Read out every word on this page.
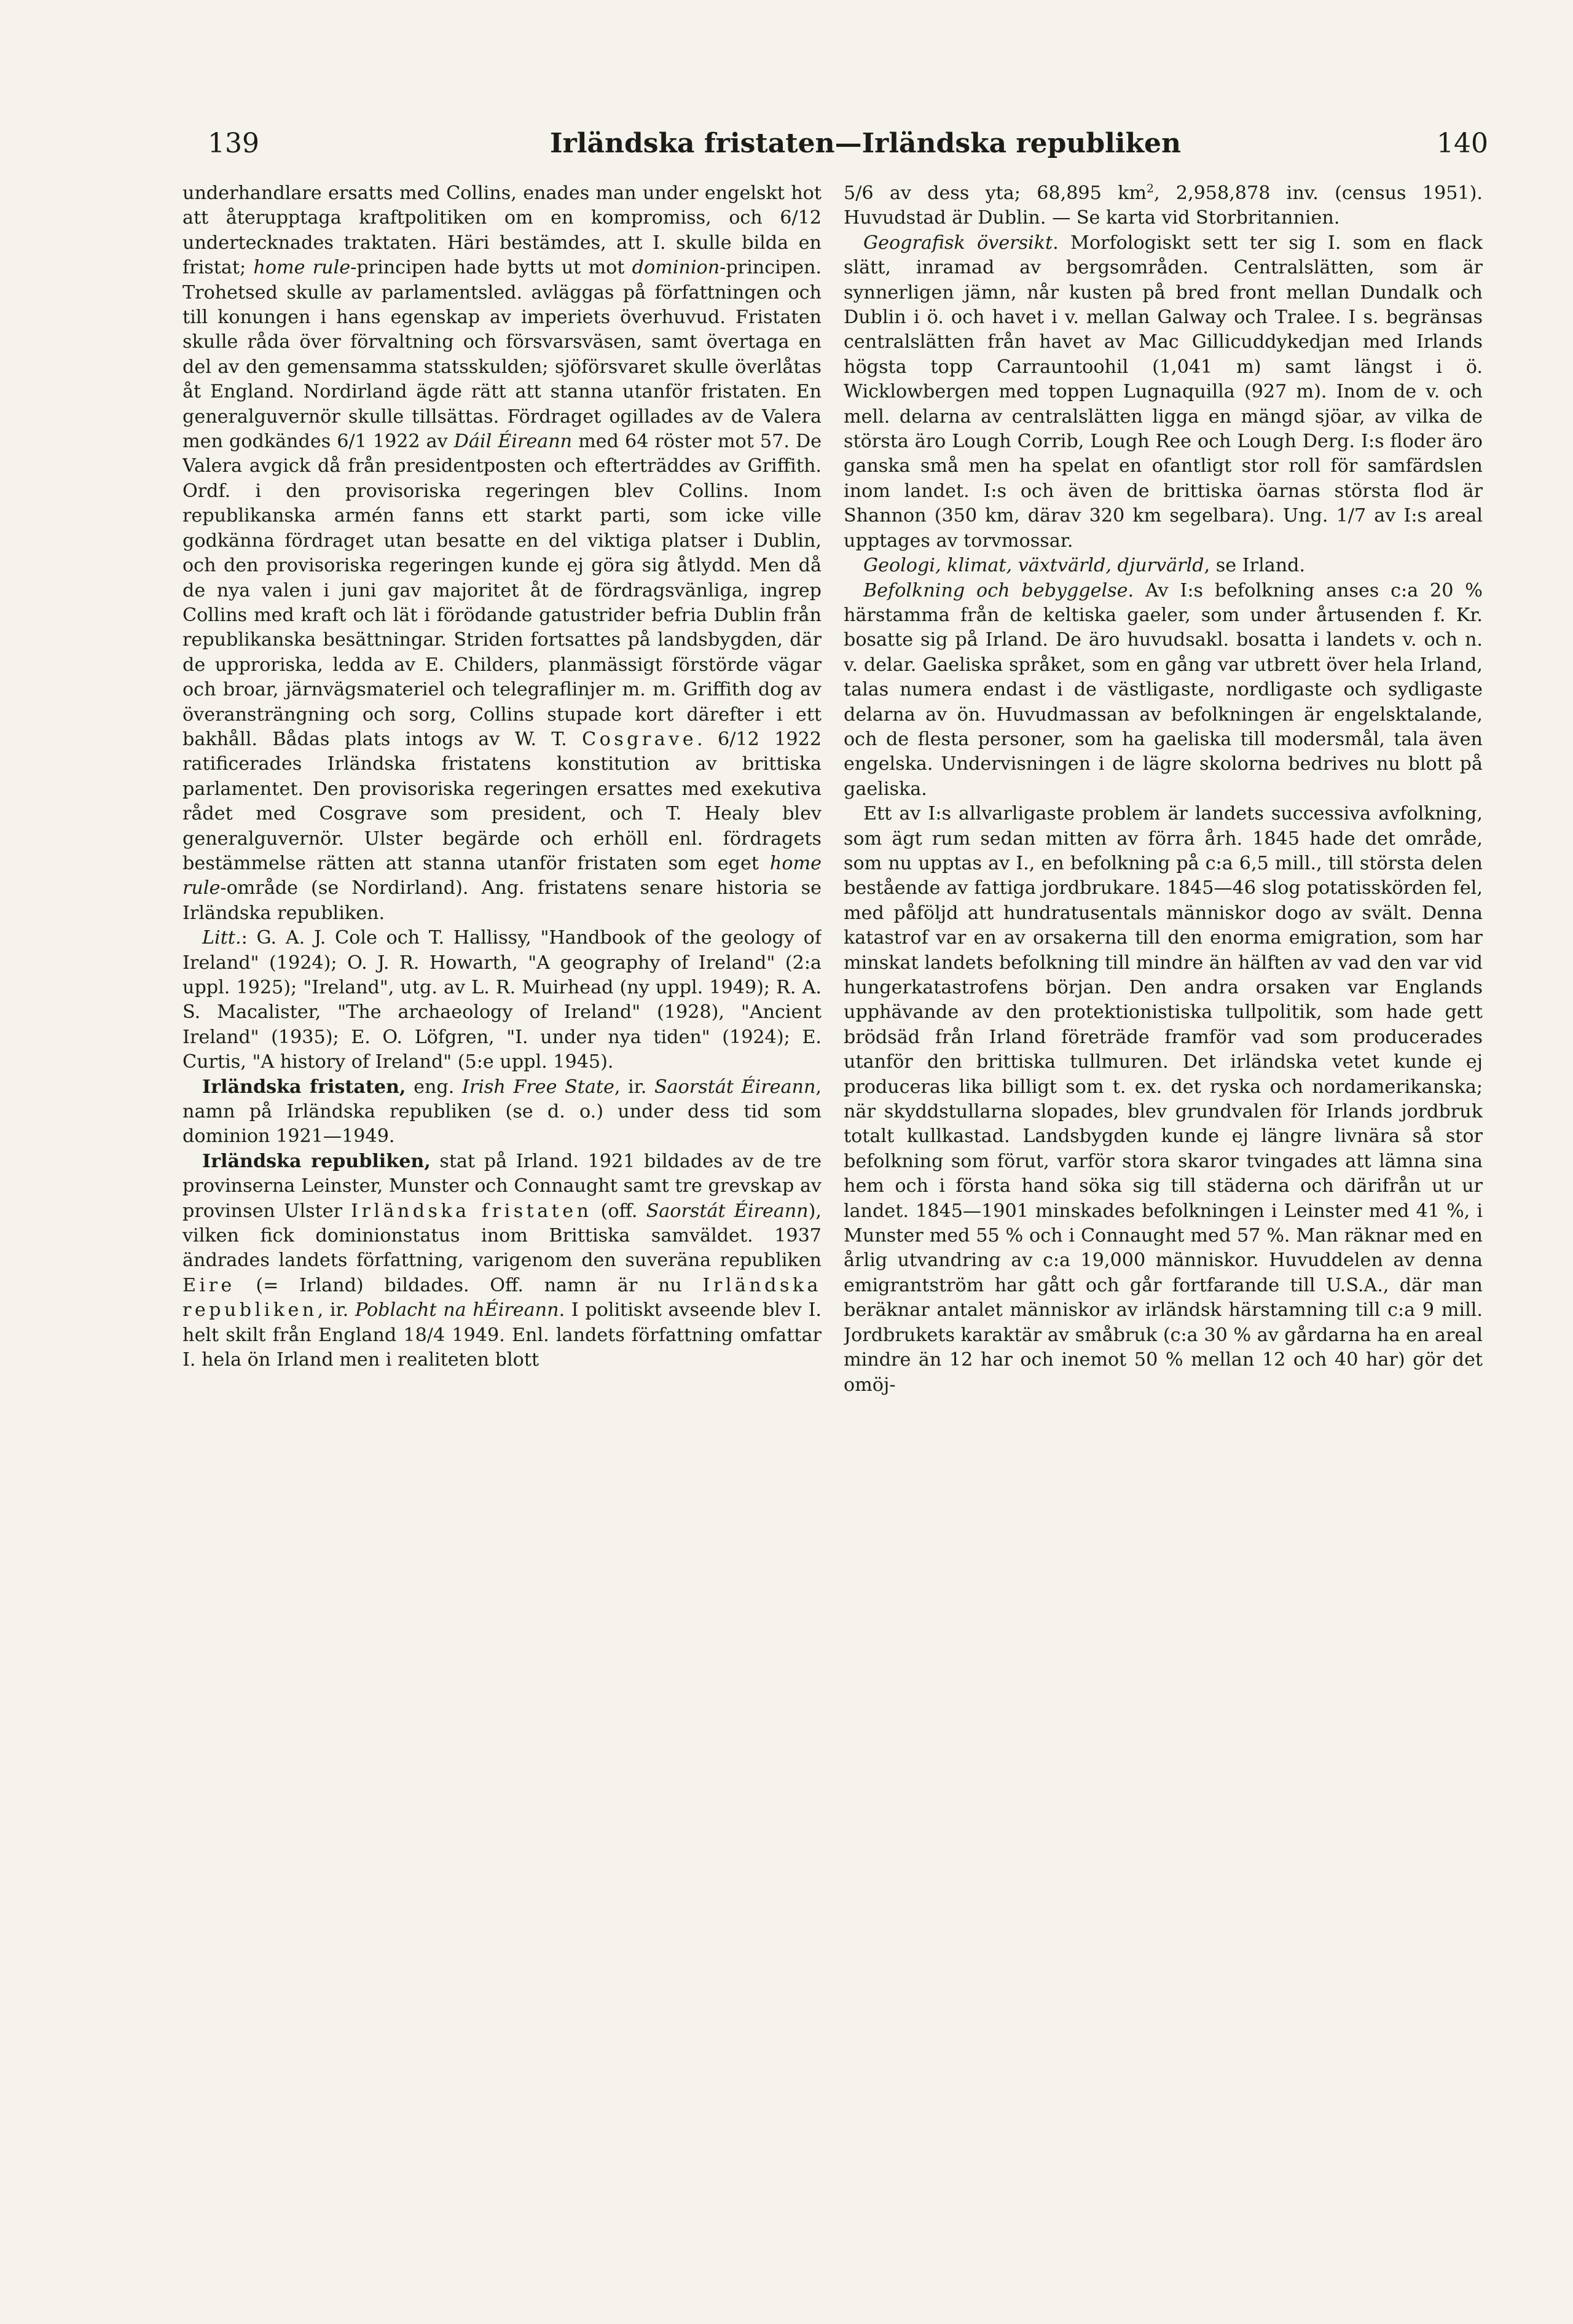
139	Irländska fristaten—Irländska republiken	140

underhandlare ersatts med Collins, enades man under engelskt hot att återupptaga kraftpolitiken om en kompromiss, och 6/12 undertecknades traktaten. Häri bestämdes, att I. skulle bilda en fristat; home rule-principen hade bytts ut mot dominion-principen. Trohetsed skulle av parlamentsled. avläggas på författningen och till konungen i hans egenskap av imperiets överhuvud. Fristaten skulle råda över förvaltning och försvarsväsen, samt övertaga en del av den gemensamma statsskulden; sjöförsvaret skulle överlåtas åt England. Nordirland ägde rätt att stanna utanför fristaten. En generalguvernör skulle tillsättas. Fördraget ogillades av de Valera men godkändes 6/1 1922 av Dáil Éireann med 64 röster mot 57. De Valera avgick då från presidentposten och efterträddes av Griffith. Ordf. i den provisoriska regeringen blev Collins. Inom republikanska armén fanns ett starkt parti, som icke ville godkänna fördraget utan besatte en del viktiga platser i Dublin, och den provisoriska regeringen kunde ej göra sig åtlydd. Men då de nya valen i juni gav majoritet åt de fördragsvänliga, ingrep Collins med kraft och lät i förödande gatustrider befria Dublin från republikanska besättningar. Striden fortsattes på landsbygden, där de upproriska, ledda av E. Childers, planmässigt förstörde vägar och broar, järnvägsmateriel och telegraflinjer m. m. Griffith dog av överansträngning och sorg, Collins stupade kort därefter i ett bakhåll. Bådas plats intogs av W. T. Cosgrave. 6/12 1922 ratificerades Irländska fristatens konstitution av brittiska parlamentet. Den provisoriska regeringen ersattes med exekutiva rådet med Cosgrave som president, och T. Healy blev generalguvernör. Ulster begärde och erhöll enl. fördragets bestämmelse rätten att stanna utanför fristaten som eget home rule-område (se Nordirland). Ang. fristatens senare historia se Irländska republiken.

Litt.: G. A. J. Cole och T. Hallissy, "Handbook of the geology of Ireland" (1924); O. J. R. Howarth, "A geography of Ireland" (2:a uppl. 1925); "Ireland", utg. av L. R. Muirhead (ny uppl. 1949); R. A. S. Macalister, "The archaeology of Ireland" (1928), "Ancient Ireland" (1935); E. O. Löfgren, "I. under nya tiden" (1924); E. Curtis, "A history of Ireland" (5:e uppl. 1945).

Irländska fristaten, eng. Irish Free State, ir. Saorstát Éireann, namn på Irländska republiken (se d. o.) under dess tid som dominion 1921—1949.

Irländska republiken, stat på Irland. 1921 bildades av de tre provinserna Leinster, Munster och Connaught samt tre grevskap av provinsen Ulster Irländska fristaten (off. Saorstát Éireann), vilken fick dominionstatus inom Brittiska samväldet. 1937 ändrades landets författning, varigenom den suveräna republiken Eire (= Irland) bildades. Off. namn är nu Irländska republiken, ir. Poblacht na hÉireann. I politiskt avseende blev I. helt skilt från England 18/4 1949. Enl. landets författning omfattar I. hela ön Irland men i realiteten blott

5/6 av dess yta; 68,895 $km^2$, 2,958,878 inv. (census 1951). Huvudstad är Dublin. — Se karta vid Storbritannien.

Geografisk översikt. Morfologiskt sett ter sig I. som en flack slätt, inramad av bergsområden. Centralslätten, som är synnerligen jämn, når kusten på bred front mellan Dundalk och Dublin i ö. och havet i v. mellan Galway och Tralee. I s. begränsas centralslätten från havet av Mac Gillicuddykedjan med Irlands högsta topp Carrauntoohil (1,041 m) samt längst i ö. Wicklowbergen med toppen Lugnaquilla (927 m). Inom de v. och mell. delarna av centralslätten ligga en mängd sjöar, av vilka de största äro Lough Corrib, Lough Ree och Lough Derg. I:s floder äro ganska små men ha spelat en ofantligt stor roll för samfärdslen inom landet. I:s och även de brittiska öarnas största flod är Shannon (350 km, därav 320 km segelbara). Ung. 1/7 av I:s areal upptages av torvmossar.

Geologi, klimat, växtvärld, djurvärld, se Irland.

Befolkning och bebyggelse. Av I:s befolkning anses c:a 20 % härstamma från de keltiska gaeler, som under årtusenden f. Kr. bosatte sig på Irland. De äro huvudsakl. bosatta i landets v. och n. v. delar. Gaeliska språket, som en gång var utbrett över hela Irland, talas numera endast i de västligaste, nordligaste och sydligaste delarna av ön. Huvudmassan av befolkningen är engelsktalande, och de flesta personer, som ha gaeliska till modersmål, tala även engelska. Undervisningen i de lägre skolorna bedrives nu blott på gaeliska.

Ett av I:s allvarligaste problem är landets successiva avfolkning, som ägt rum sedan mitten av förra årh. 1845 hade det område, som nu upptas av I., en befolkning på c:a 6,5 mill., till största delen bestående av fattiga jordbrukare. 1845—46 slog potatisskörden fel, med påföljd att hundratusentals människor dogo av svält. Denna katastrof var en av orsakerna till den enorma emigration, som har minskat landets befolkning till mindre än hälften av vad den var vid hungerkatastrofens början. Den andra orsaken var Englands upphävande av den protektionistiska tullpolitik, som hade gett brödsäd från Irland företräde framför vad som producerades utanför den brittiska tullmuren. Det irländska vetet kunde ej produceras lika billigt som t. ex. det ryska och nordamerikanska; när skyddstullarna slopades, blev grundvalen för Irlands jordbruk totalt kullkastad. Landsbygden kunde ej längre livnära så stor befolkning som förut, varför stora skaror tvingades att lämna sina hem och i första hand söka sig till städerna och därifrån ut ur landet. 1845—1901 minskades befolkningen i Leinster med 41 %, i Munster med 55 % och i Connaught med 57 %. Man räknar med en årlig utvandring av c:a 19,000 människor. Huvuddelen av denna emigrantström har gått och går fortfarande till U.S.A., där man beräknar antalet människor av irländsk härstamning till c:a 9 mill. Jordbrukets karaktär av småbruk (c:a 30 % av gårdarna ha en areal mindre än 12 har och inemot 50 % mellan 12 och 40 har) gör det omöj-
